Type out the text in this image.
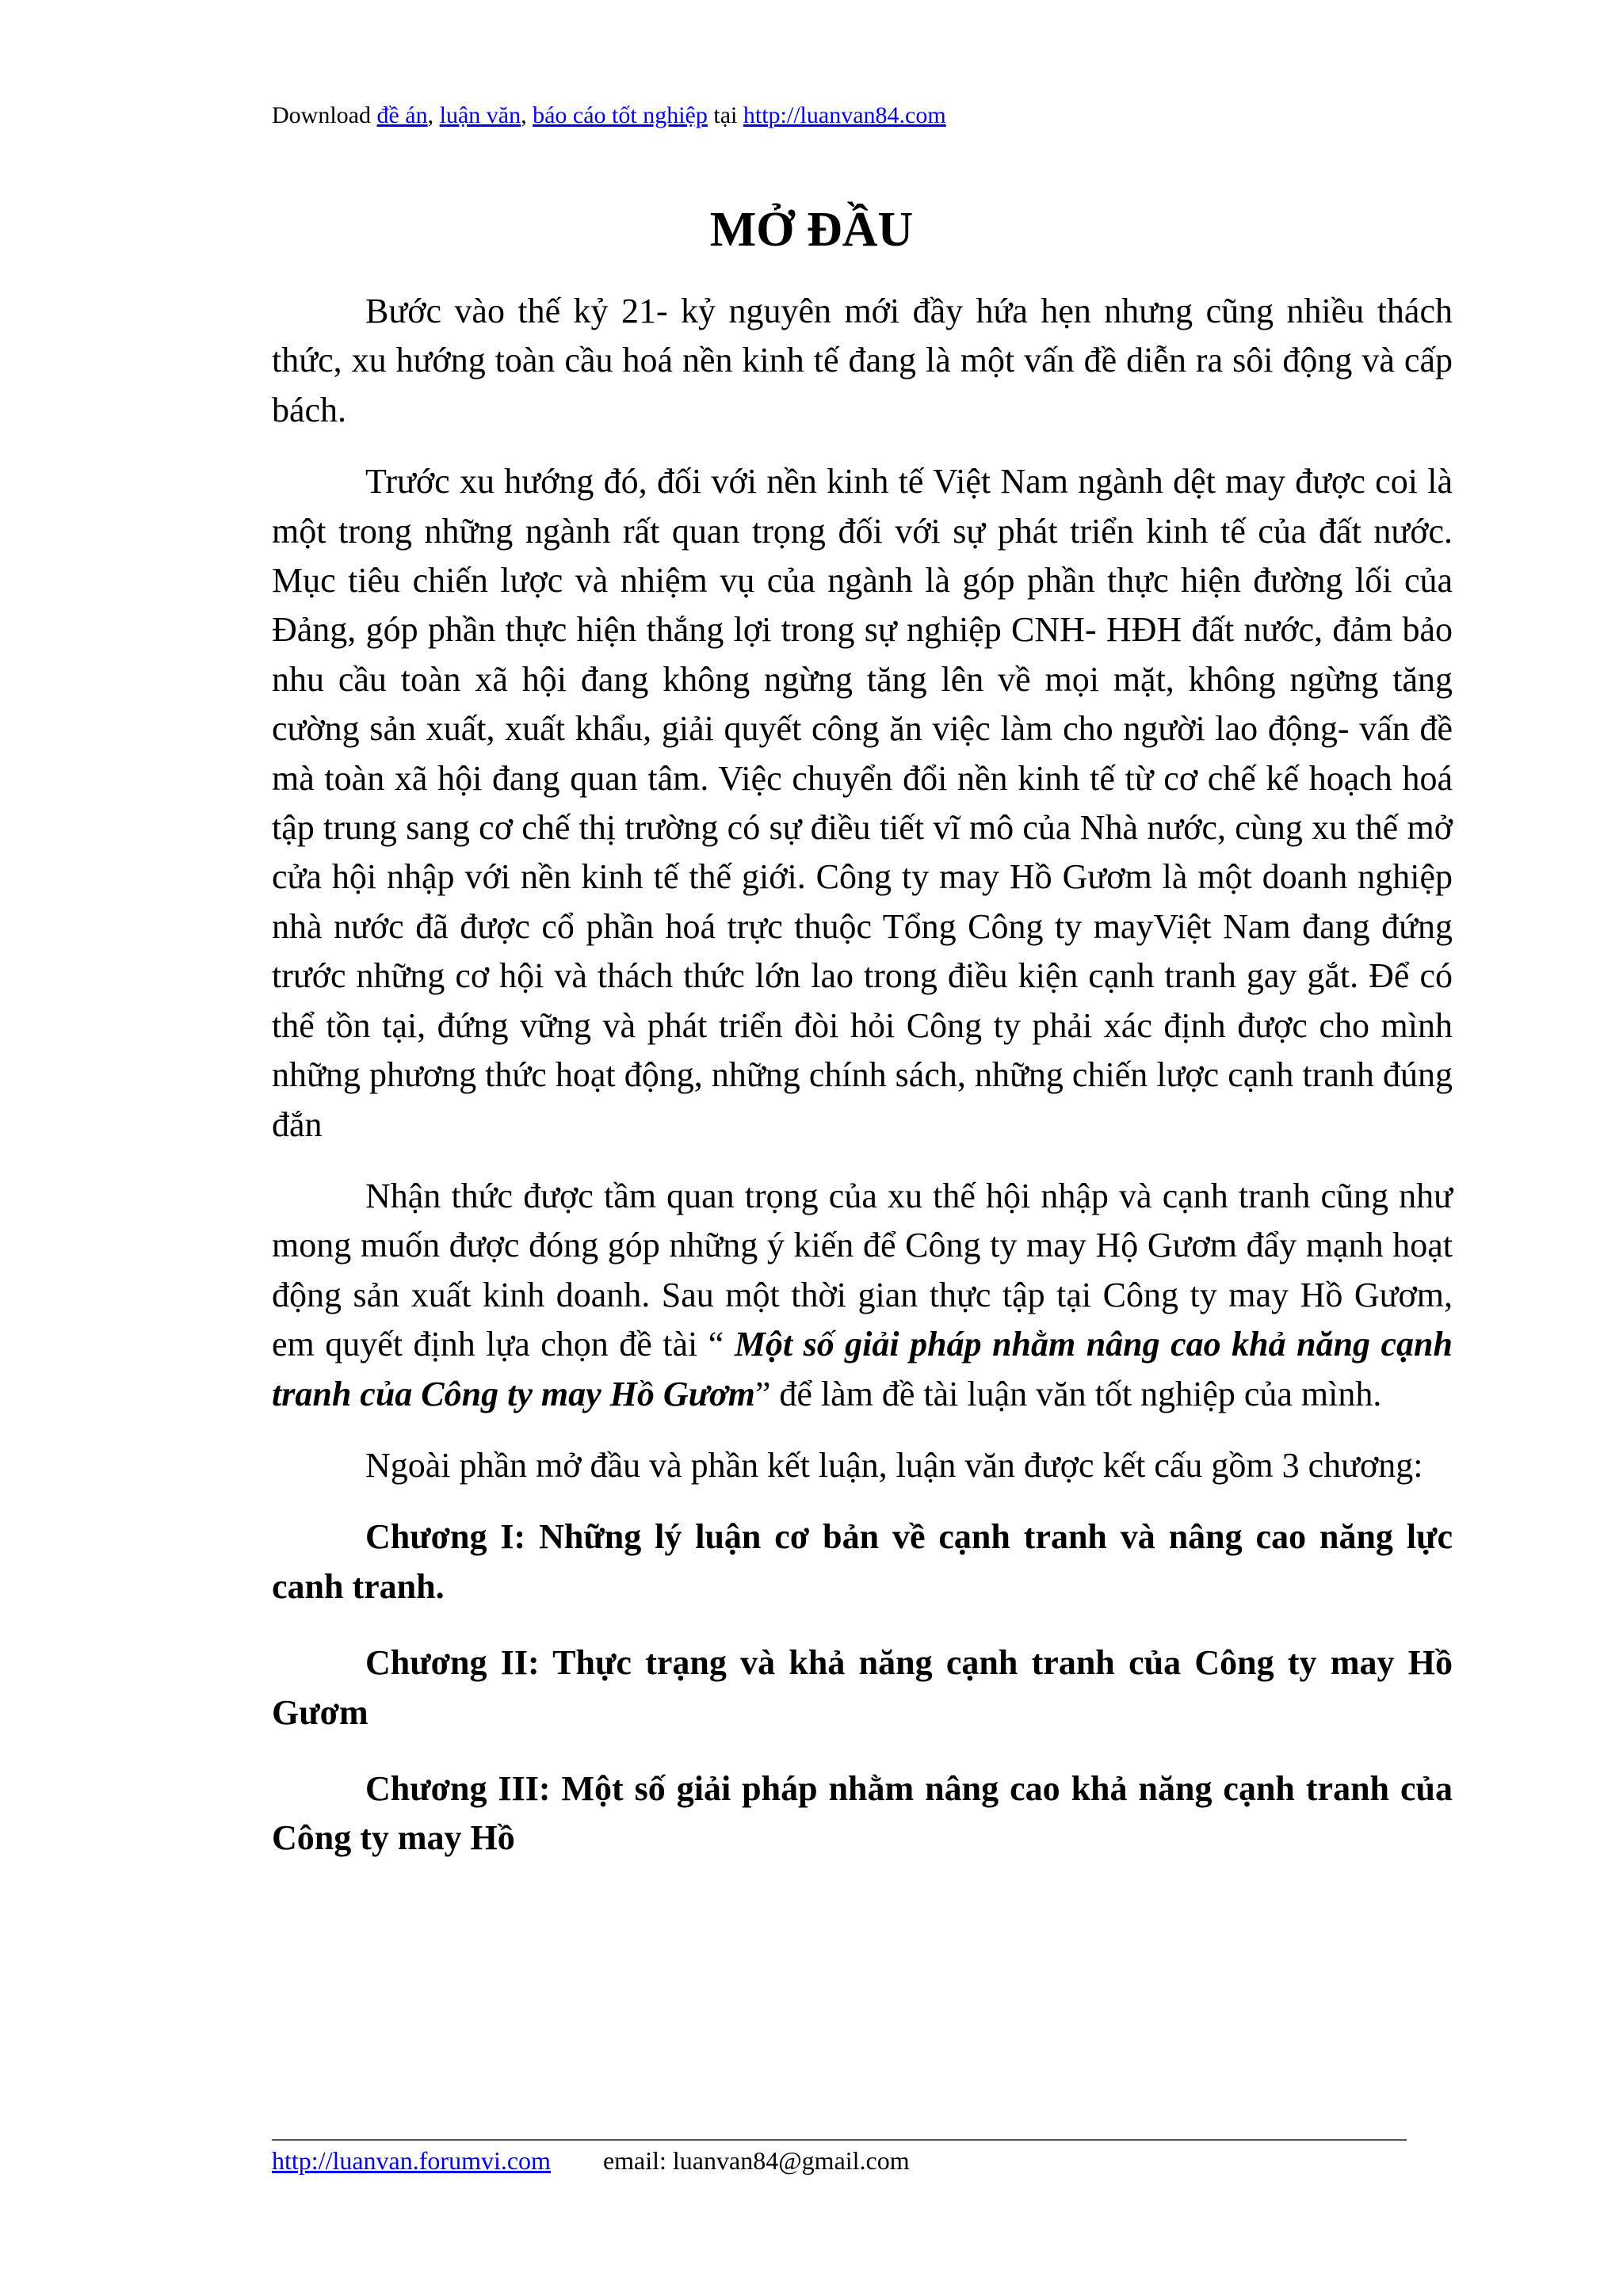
Download đề án, luận văn, báo cáo tốt nghiệp tại http://luanvan84.com
MỞ ĐẦU

Bước vào thế kỷ 21- kỷ nguyên mới đầy hứa hẹn nhưng cũng nhiều thách thức, xu hướng toàn cầu hoá nền kinh tế đang là một vấn đề diễn ra sôi động và cấp bách.

Trước xu hướng đó, đối với nền kinh tế Việt Nam ngành dệt may được coi là một trong những ngành rất quan trọng đối với sự phát triển kinh tế của đất nước. Mục tiêu chiến lược và nhiệm vụ của ngành là góp phần thực hiện đường lối của Đảng, góp phần thực hiện thắng lợi trong sự nghiệp CNH- HĐH đất nước, đảm bảo nhu cầu toàn xã hội đang không ngừng tăng lên về mọi mặt, không ngừng tăng cường sản xuất, xuất khẩu, giải quyết công ăn việc làm cho người lao động- vấn đề mà toàn xã hội đang quan tâm. Việc chuyển đổi nền kinh tế từ cơ chế kế hoạch hoá tập trung sang cơ chế thị trường có sự điều tiết vĩ mô của Nhà nước, cùng xu thế mở cửa hội nhập với nền kinh tế thế giới. Công ty may Hồ Gươm là một doanh nghiệp nhà nước đã được cổ phần hoá trực thuộc Tổng Công ty mayViệt Nam đang đứng trước những cơ hội và thách thức lớn lao trong điều kiện cạnh tranh gay gắt. Để có thể tồn tại, đứng vững và phát triển đòi hỏi Công ty phải xác định được cho mình những phương thức hoạt động, những chính sách, những chiến lược cạnh tranh đúng đắn

Nhận thức được tầm quan trọng của xu thế hội nhập và cạnh tranh cũng như mong muốn được đóng góp những ý kiến để Công ty may Hộ Gươm đẩy mạnh hoạt động sản xuất kinh doanh. Sau một thời gian thực tập tại Công ty may Hồ Gươm, em quyết định lựa chọn đề tài “ Một số giải pháp nhằm nâng cao khả năng cạnh tranh của Công ty may Hồ Gươm” để làm đề tài luận văn tốt nghiệp của mình.

Ngoài phần mở đầu và phần kết luận, luận văn được kết cấu gồm 3 chương:

Chương I: Những lý luận cơ bản về cạnh tranh và nâng cao năng lực canh tranh.

Chương II: Thực trạng và khả năng cạnh tranh của Công ty may Hồ Gươm

Chương III: Một số giải pháp nhằm nâng cao khả năng cạnh tranh của Công ty may Hồ

http://luanvan.forumvi.com email: luanvan84@gmail.com
